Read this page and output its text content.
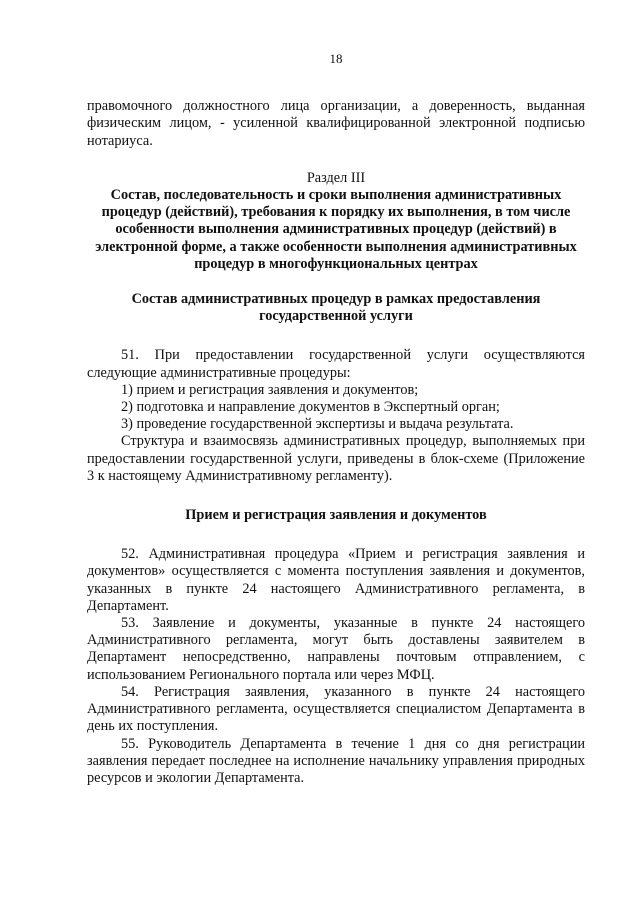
18

правомочного должностного лица организации, а доверенность, выданная физическим лицом, - усиленной квалифицированной электронной подписью нотариуса.

Раздел III

Состав, последовательность и сроки выполнения административных процедур (действий), требования к порядку их выполнения, в том числе особенности выполнения административных процедур (действий) в электронной форме, а также особенности выполнения административных процедур в многофункциональных центрах

Состав административных процедур в рамках предоставления государственной услуги

51. При предоставлении государственной услуги осуществляются следующие административные процедуры:

1) прием и регистрация заявления и документов;

2) подготовка и направление документов в Экспертный орган;

3) проведение государственной экспертизы и выдача результата.

Структура и взаимосвязь административных процедур, выполняемых при предоставлении государственной услуги, приведены в блок-схеме (Приложение 3 к настоящему Административному регламенту).

Прием и регистрация заявления и документов

52. Административная процедура «Прием и регистрация заявления и документов» осуществляется с момента поступления заявления и документов, указанных в пункте 24 настоящего Административного регламента, в Департамент.

53. Заявление и документы, указанные в пункте 24 настоящего Административного регламента, могут быть доставлены заявителем в Департамент непосредственно, направлены почтовым отправлением, с использованием Регионального портала или через МФЦ.

54. Регистрация заявления, указанного в пункте 24 настоящего Административного регламента, осуществляется специалистом Департамента в день их поступления.

55. Руководитель Департамента в течение 1 дня со дня регистрации заявления передает последнее на исполнение начальнику управления природных ресурсов и экологии Департамента.
